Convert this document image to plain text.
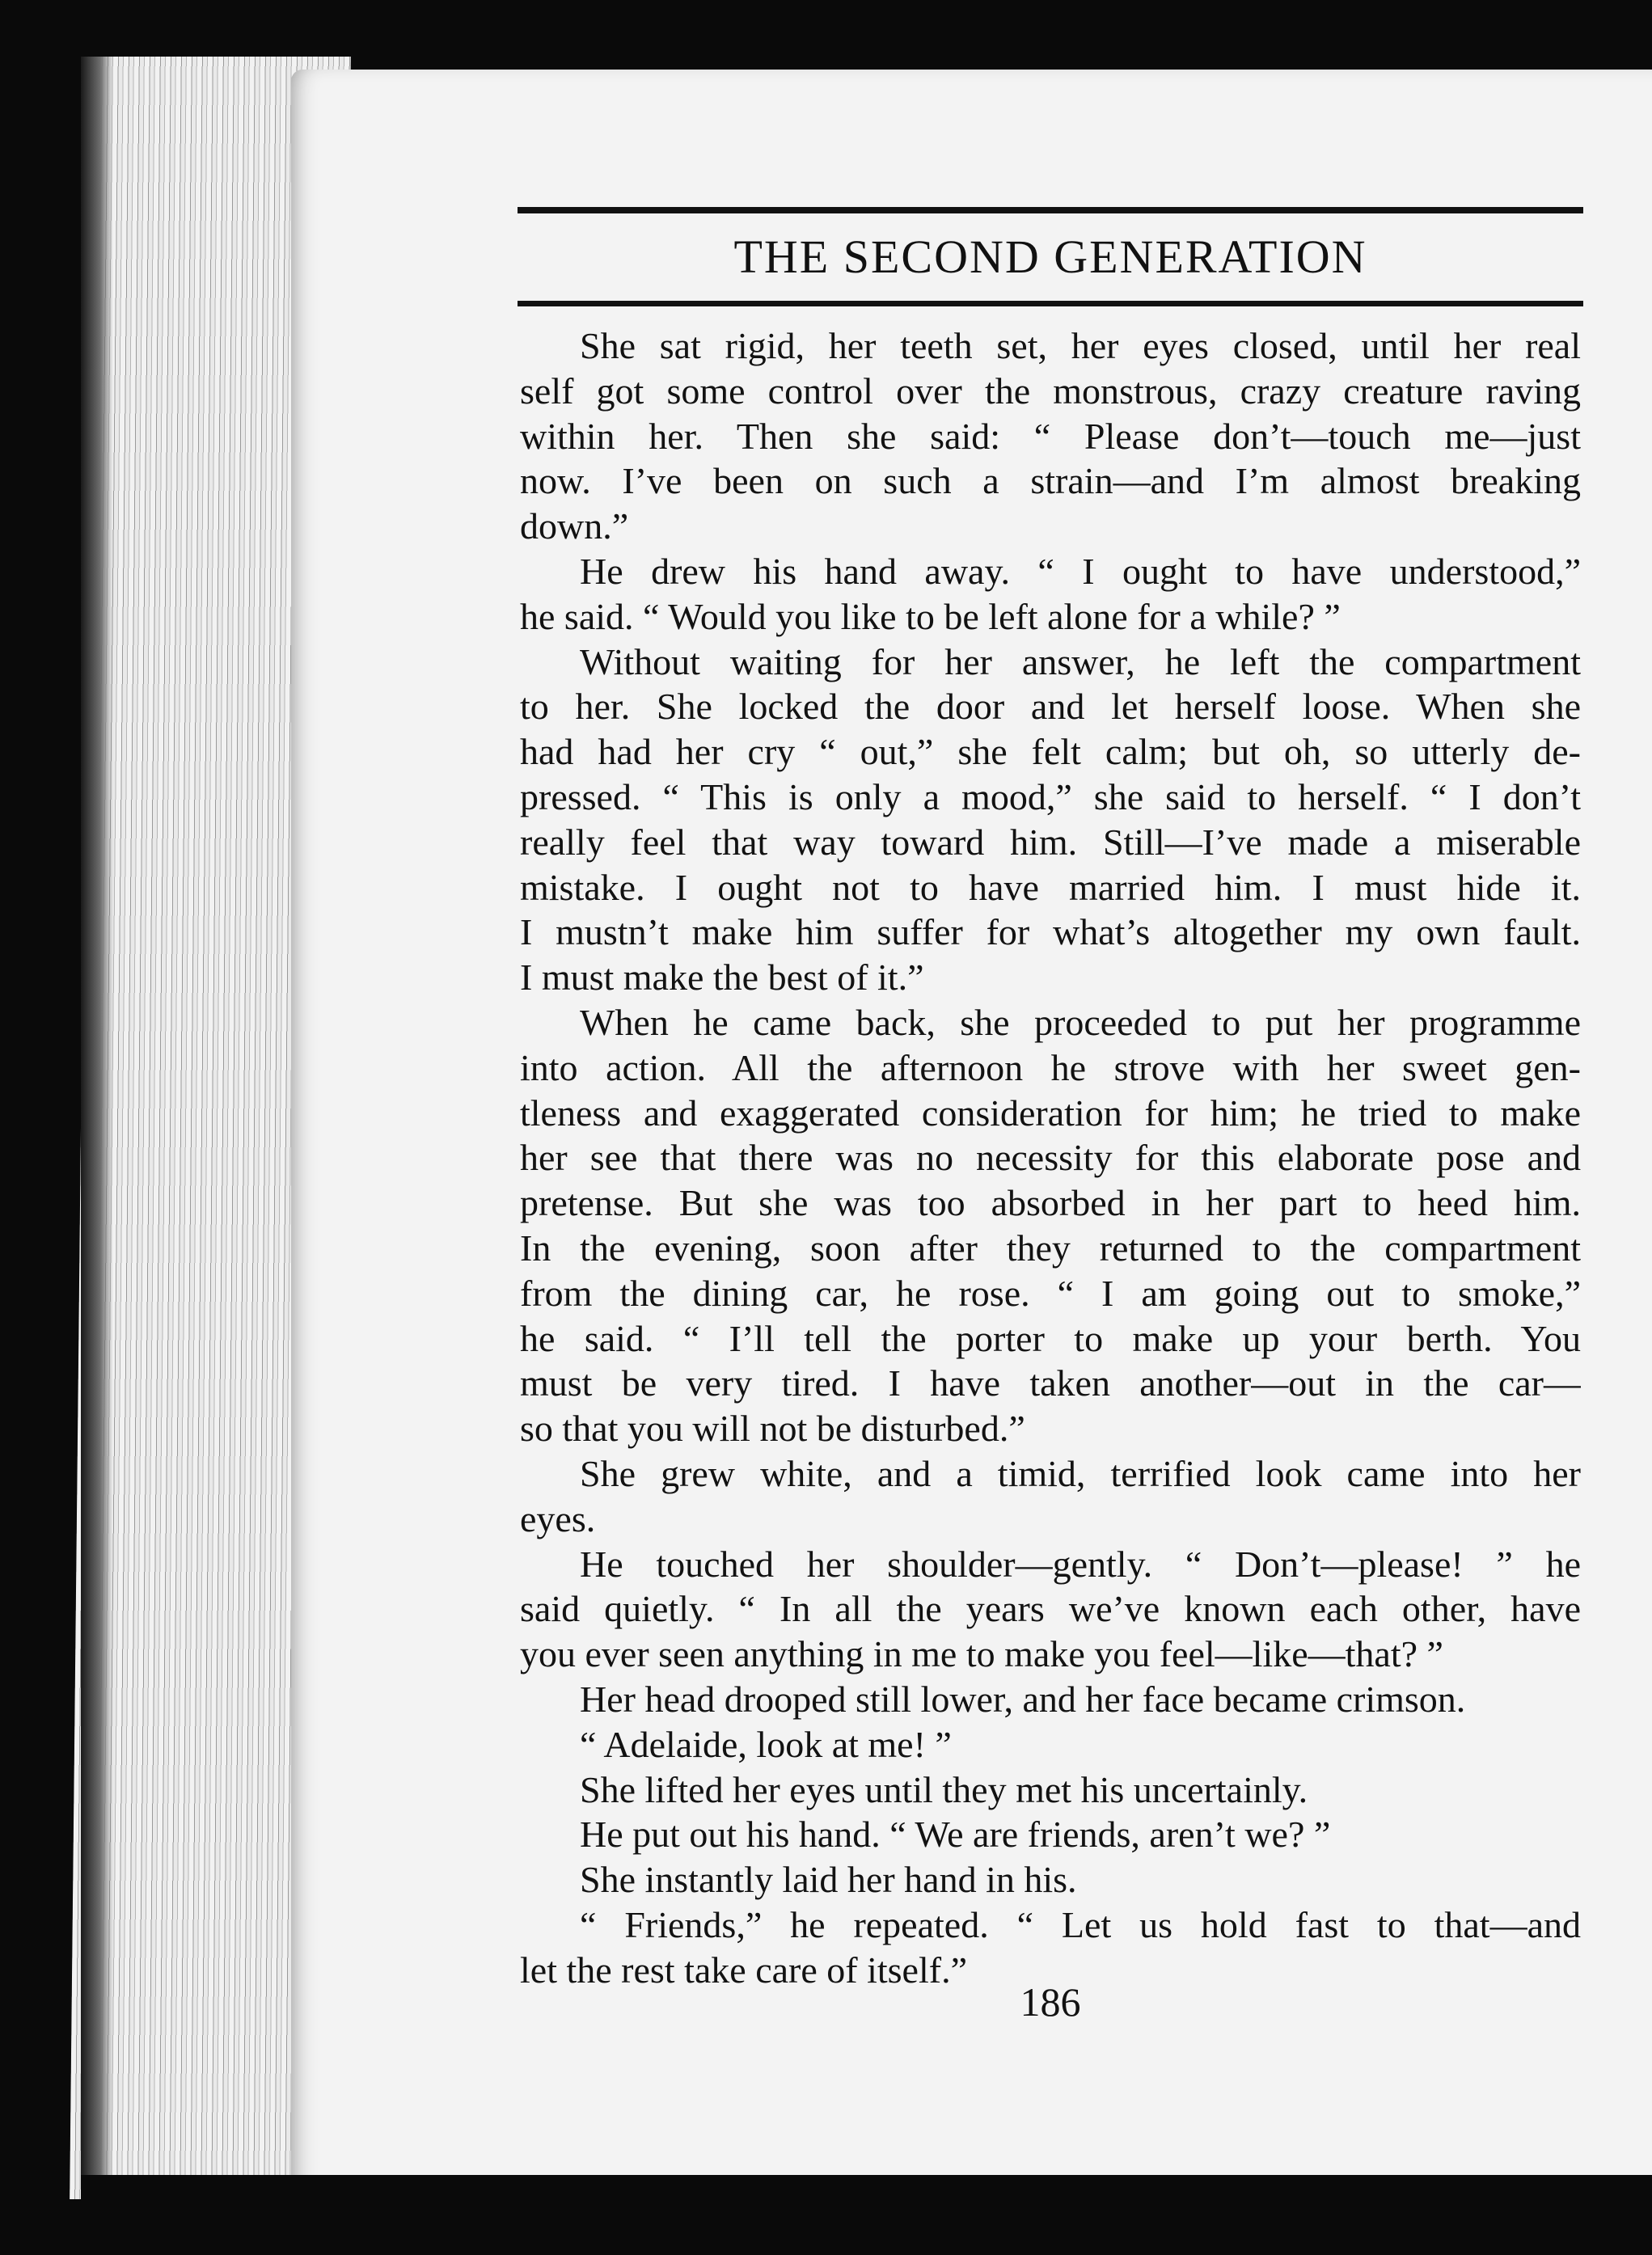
THE SECOND GENERATION
She sat rigid, her teeth set, her eyes closed, until her real
self got some control over the monstrous, crazy creature raving
within her. Then she said: “ Please don’t—touch me—just
now. I’ve been on such a strain—and I’m almost breaking
down.”
He drew his hand away. “ I ought to have understood,”
he said. “ Would you like to be left alone for a while? ”
Without waiting for her answer, he left the compartment
to her. She locked the door and let herself loose. When she
had had her cry “ out,” she felt calm; but oh, so utterly de-
pressed. “ This is only a mood,” she said to herself. “ I don’t
really feel that way toward him. Still—I’ve made a miserable
mistake. I ought not to have married him. I must hide it.
I mustn’t make him suffer for what’s altogether my own fault.
I must make the best of it.”
When he came back, she proceeded to put her programme
into action. All the afternoon he strove with her sweet gen-
tleness and exaggerated consideration for him; he tried to make
her see that there was no necessity for this elaborate pose and
pretense. But she was too absorbed in her part to heed him.
In the evening, soon after they returned to the compartment
from the dining car, he rose. “ I am going out to smoke,”
he said. “ I’ll tell the porter to make up your berth. You
must be very tired. I have taken another—out in the car—
so that you will not be disturbed.”
She grew white, and a timid, terrified look came into her
eyes.
He touched her shoulder—gently. “ Don’t—please! ” he
said quietly. “ In all the years we’ve known each other, have
you ever seen anything in me to make you feel—like—that? ”
Her head drooped still lower, and her face became crimson.
“ Adelaide, look at me! ”
She lifted her eyes until they met his uncertainly.
He put out his hand. “ We are friends, aren’t we? ”
She instantly laid her hand in his.
“ Friends,” he repeated. “ Let us hold fast to that—and
let the rest take care of itself.”
186
